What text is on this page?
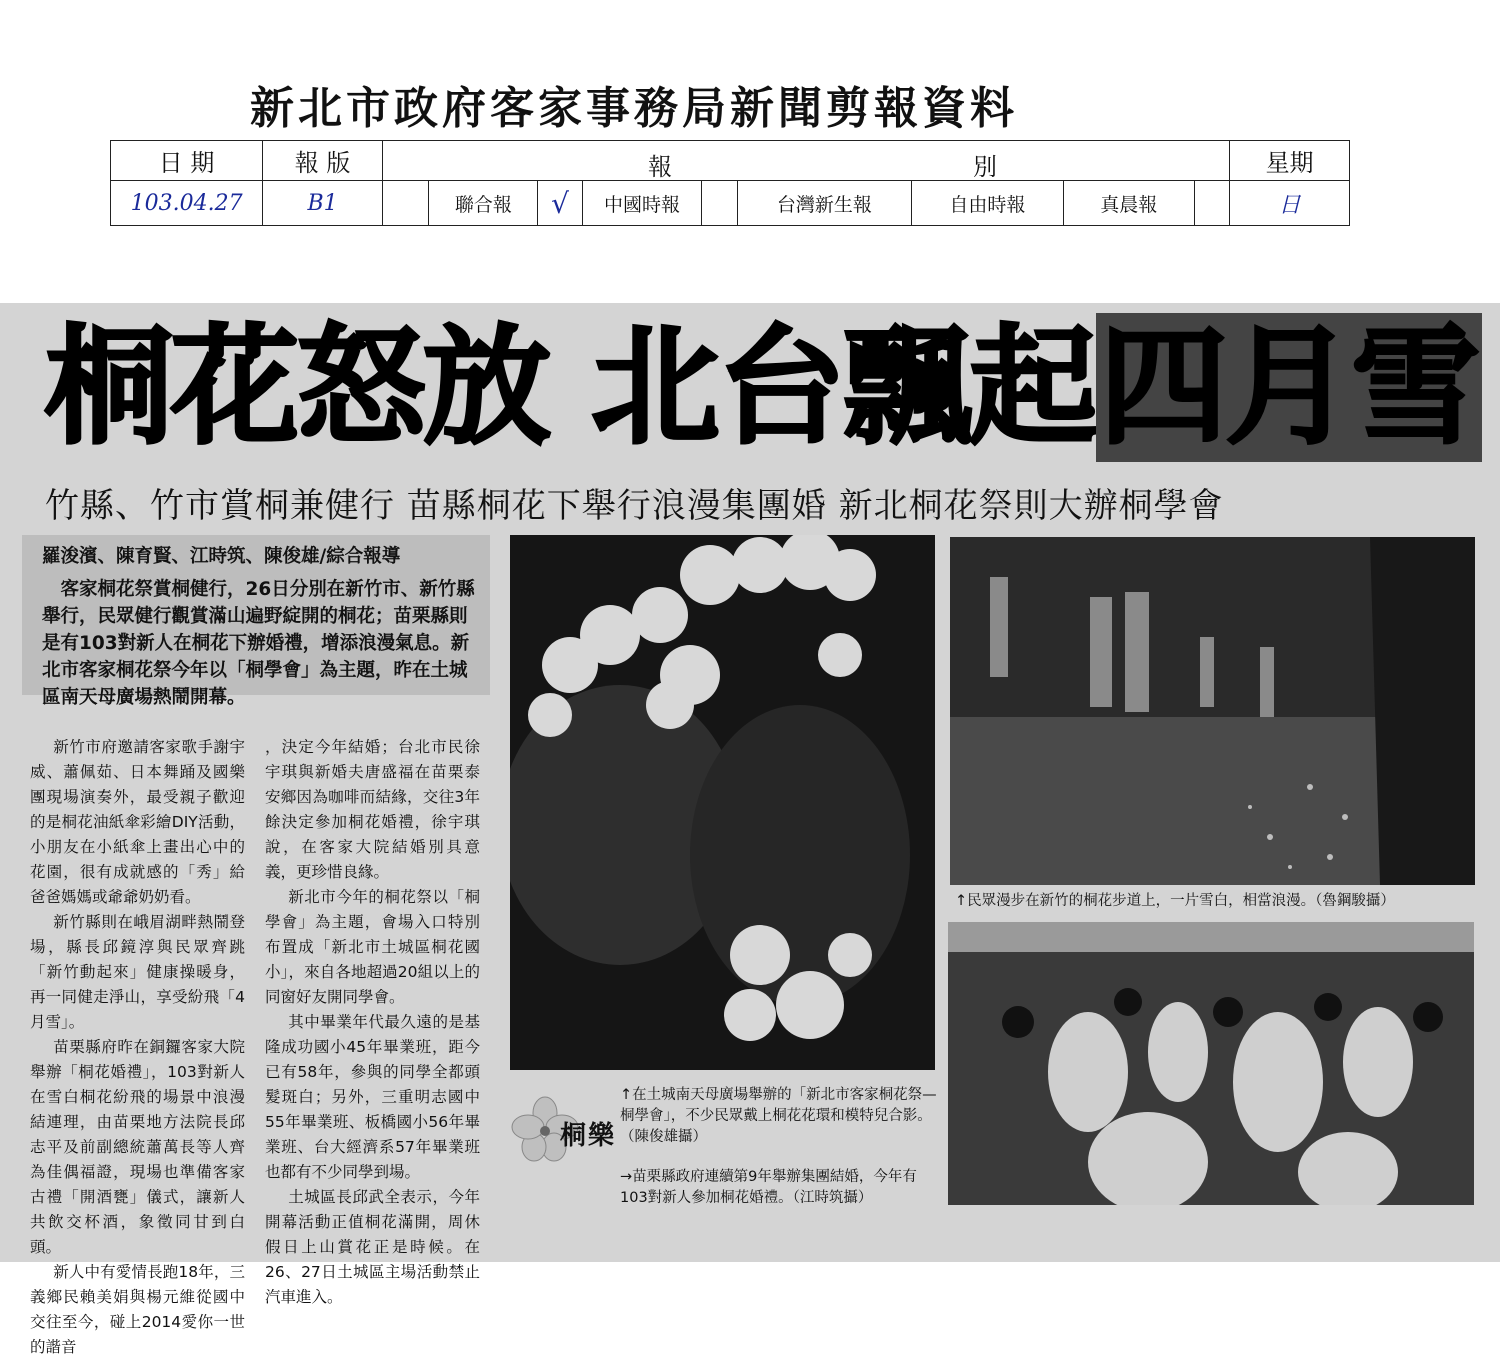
新北市政府客家事務局新聞剪報資料
日 期	報 版	報 別									星期
103.04.27	B1		聯合報	√	中國時報		台灣新生報	自由時報	真晨報		日
桐花怒放 北台飄起四月雪
竹縣、竹市賞桐兼健行 苗縣桐花下舉行浪漫集團婚 新北桐花祭則大辦桐學會

羅浚濱、陳育賢、江時筑、陳俊雄/綜合報導

客家桐花祭賞桐健行，26日分別在新竹市、新竹縣舉行，民眾健行觀賞滿山遍野綻開的桐花；苗栗縣則是有103對新人在桐花下辦婚禮，增添浪漫氣息。新北市客家桐花祭今年以「桐學會」為主題，昨在土城區南天母廣場熱鬧開幕。

新竹市府邀請客家歌手謝宇威、蕭佩茹、日本舞踊及國樂團現場演奏外，最受親子歡迎的是桐花油紙傘彩繪DIY活動，小朋友在小紙傘上畫出心中的花園，很有成就感的「秀」給爸爸媽媽或爺爺奶奶看。

新竹縣則在峨眉湖畔熱鬧登場，縣長邱鏡淳與民眾齊跳「新竹動起來」健康操暖身，再一同健走淨山，享受紛飛「4月雪」。

苗栗縣府昨在銅鑼客家大院舉辦「桐花婚禮」，103對新人在雪白桐花紛飛的場景中浪漫結連理，由苗栗地方法院長邱志平及前副總統蕭萬長等人齊為佳偶福證，現場也準備客家古禮「開酒甕」儀式，讓新人共飲交杯酒，象徵同甘到白頭。

新人中有愛情長跑18年，三義鄉民賴美娟與楊元維從國中交往至今，碰上2014愛你一世的諧音

，決定今年結婚；台北市民徐宇琪與新婚夫唐盛福在苗栗泰安鄉因為咖啡而結緣，交往3年餘決定參加桐花婚禮，徐宇琪說，在客家大院結婚別具意義，更珍惜良緣。

新北市今年的桐花祭以「桐學會」為主題，會場入口特別布置成「新北市土城區桐花國小」，來自各地超過20組以上的同窗好友開同學會。

其中畢業年代最久遠的是基隆成功國小45年畢業班，距今已有58年，參與的同學全都頭髮斑白；另外，三重明志國中55年畢業班、板橋國小56年畢業班、台大經濟系57年畢業班也都有不少同學到場。

土城區長邱武全表示，今年開幕活動正值桐花滿開，周休假日上山賞花正是時候。在26、27日土城區主場活動禁止汽車進入。

↑民眾漫步在新竹的桐花步道上，一片雪白，相當浪漫。（魯鋼駿攝）
桐樂
↑在土城南天母廣場舉辦的「新北市客家桐花祭—桐學會」，不少民眾戴上桐花花環和模特兒合影。（陳俊雄攝）
→苗栗縣政府連續第9年舉辦集團結婚，今年有103對新人參加桐花婚禮。（江時筑攝）
